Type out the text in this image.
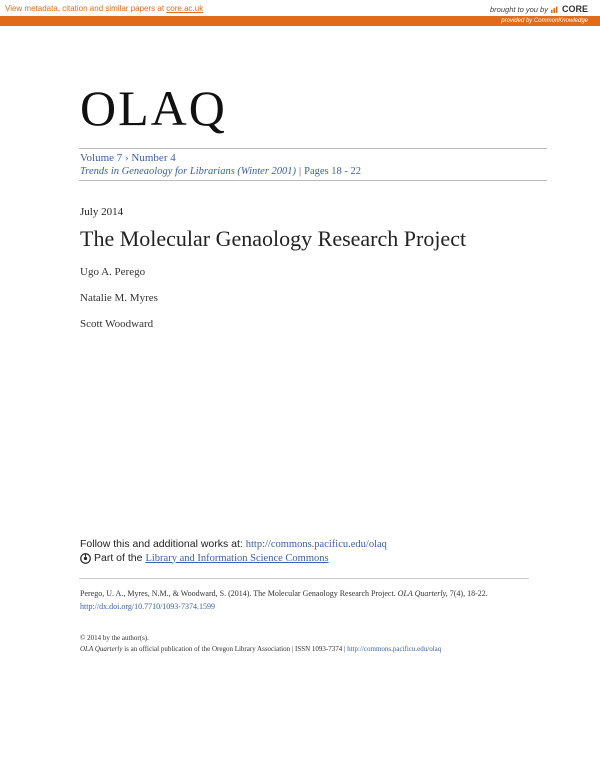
View metadata, citation and similar papers at core.ac.uk	brought to you by CORE
provided by CommonKnowledge
OLAQ
Volume 7 › Number 4
Trends in Geneaology for Librarians (Winter 2001) | Pages 18 - 22
July 2014
The Molecular Genaology Research Project
Ugo A. Perego
Natalie M. Myres
Scott Woodward
Follow this and additional works at: http://commons.pacificu.edu/olaq
Part of the Library and Information Science Commons
Perego, U. A., Myres, N.M., & Woodward, S. (2014). The Molecular Genaology Research Project. OLA Quarterly, 7(4), 18-22.
http://dx.doi.org/10.7710/1093-7374.1599
© 2014 by the author(s).
OLA Quarterly is an official publication of the Oregon Library Association | ISSN 1093-7374 | http://commons.pacificu.edu/olaq
